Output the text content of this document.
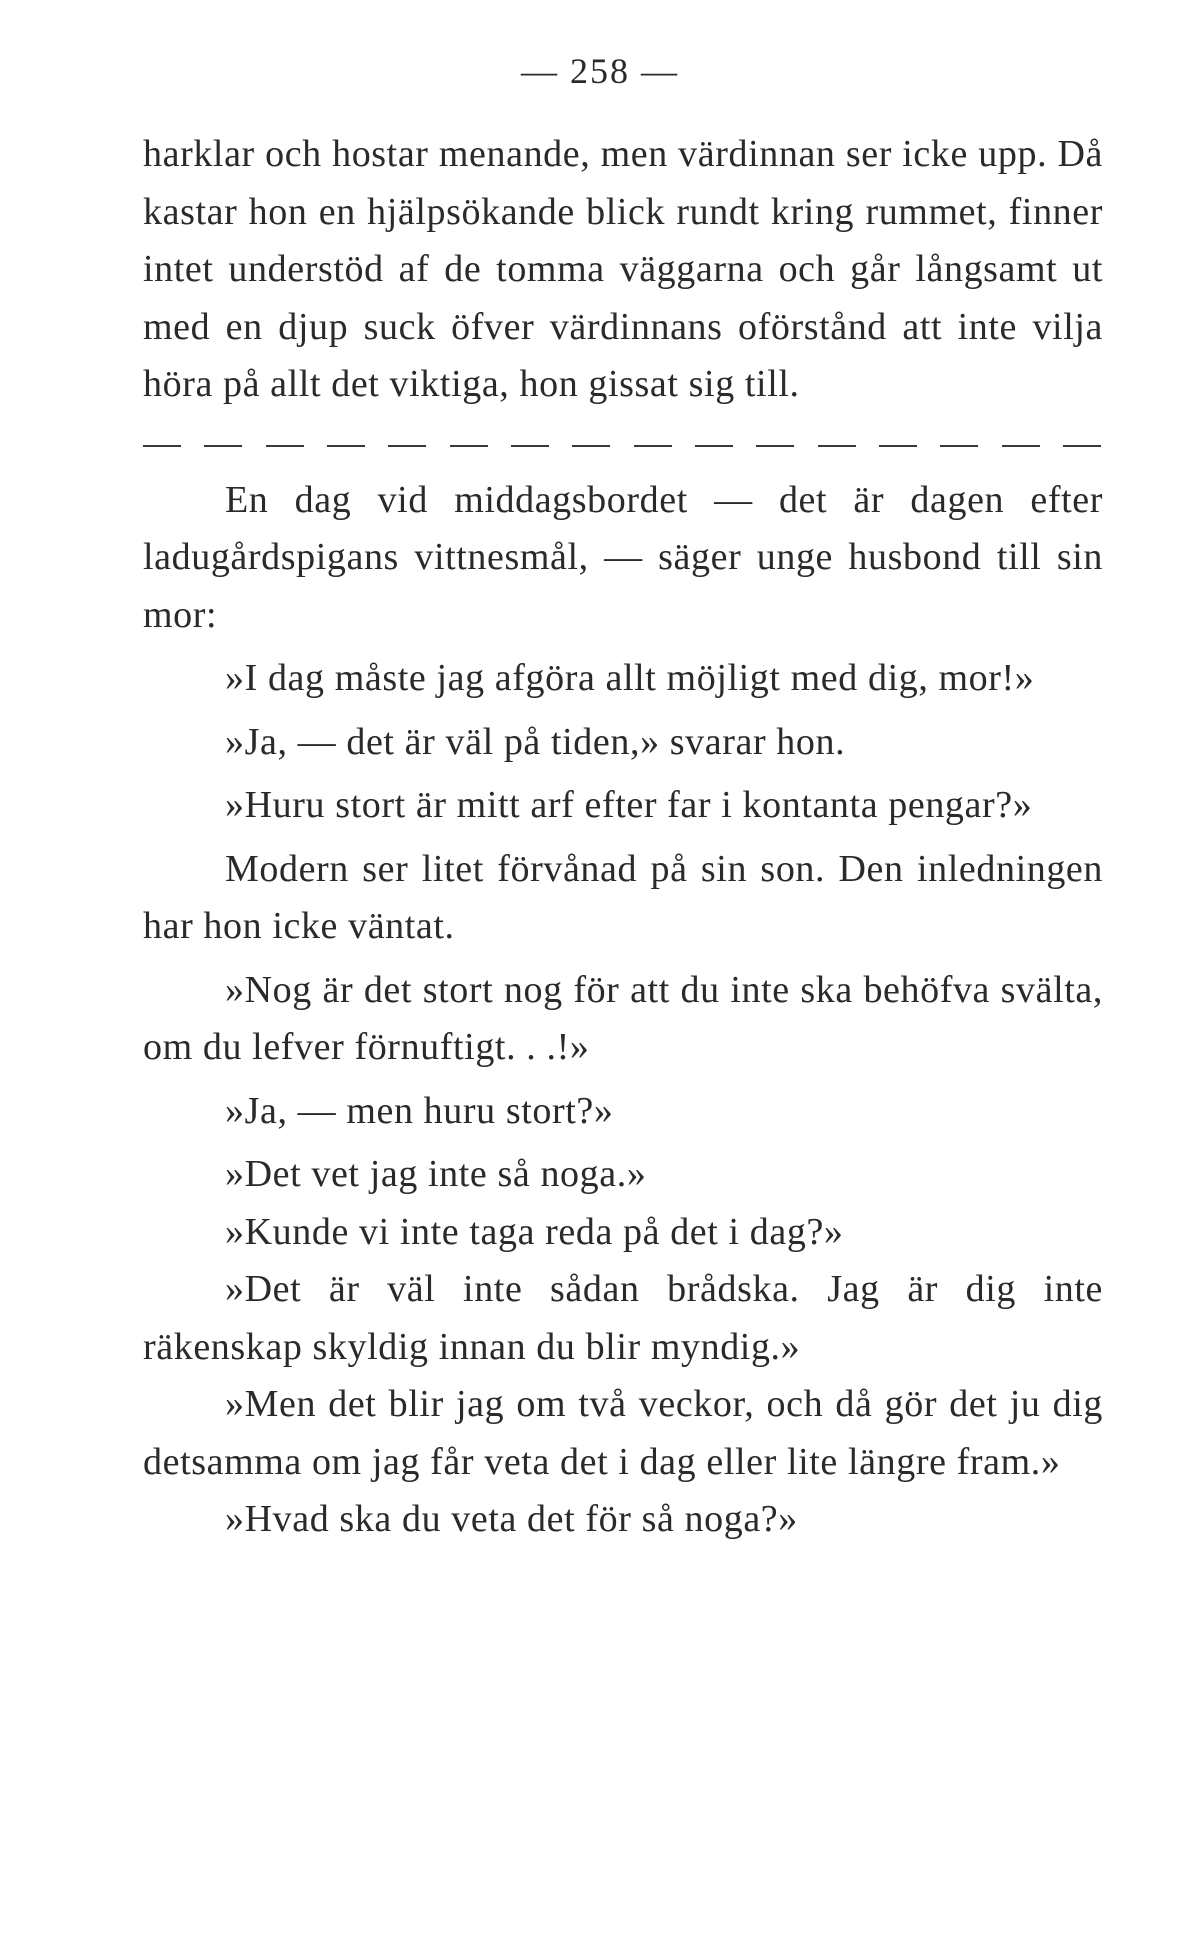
— 258 —

harklar och hostar menande, men värdinnan ser icke upp. Då kastar hon en hjälpsökande blick rundt kring rummet, finner intet understöd af de tomma väggarna och går långsamt ut med en djup suck öfver värdinnans oförstånd att inte vilja höra på allt det viktiga, hon gissat sig till.

En dag vid middagsbordet — det är dagen efter ladugårdspigans vittnesmål, — säger unge husbond till sin mor:

»I dag måste jag afgöra allt möjligt med dig, mor!»

»Ja, — det är väl på tiden,» svarar hon.

»Huru stort är mitt arf efter far i kontanta pengar?»

Modern ser litet förvånad på sin son. Den inledningen har hon icke väntat.

»Nog är det stort nog för att du inte ska behöfva svälta, om du lefver förnuftigt. . .!»

»Ja, — men huru stort?»

»Det vet jag inte så noga.»

»Kunde vi inte taga reda på det i dag?»

»Det är väl inte sådan brådska. Jag är dig inte räkenskap skyldig innan du blir myndig.»

»Men det blir jag om två veckor, och då gör det ju dig detsamma om jag får veta det i dag eller lite längre fram.»

»Hvad ska du veta det för så noga?»
